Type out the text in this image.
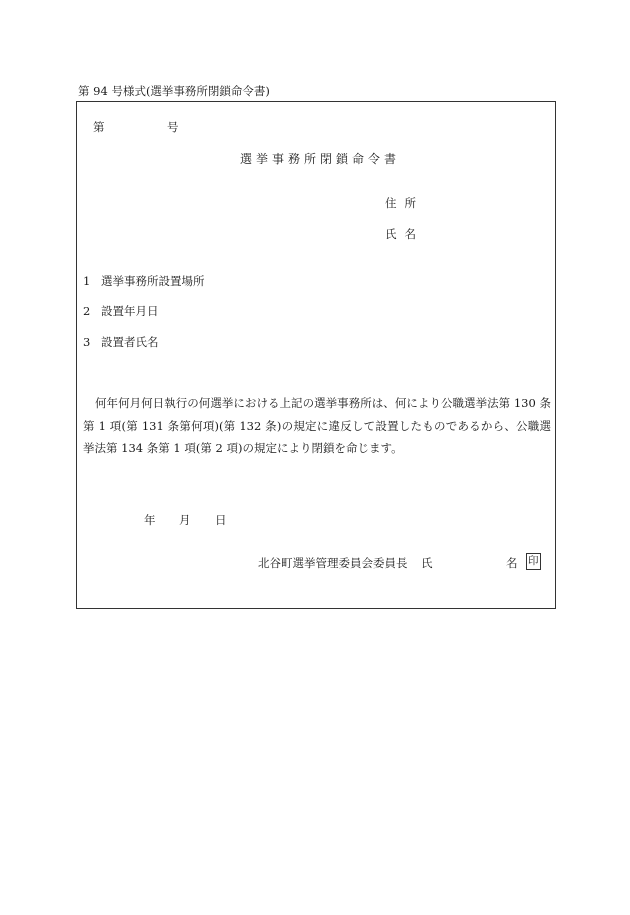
第 94 号様式(選挙事務所閉鎖命令書)
第	号
選挙事務所閉鎖命令書
住所
氏名
1 選挙事務所設置場所
2 設置年月日
3 設置者氏名
何年何月何日執行の何選挙における上記の選挙事務所は、何により公職選挙法第 130 条第 1 項(第 131 条第何項)(第 132 条)の規定に違反して設置したものであるから、公職選挙法第 134 条第 1 項(第 2 項)の規定により閉鎖を命じます。
年 月 日
北谷町選挙管理委員会委員長 氏	名 印
